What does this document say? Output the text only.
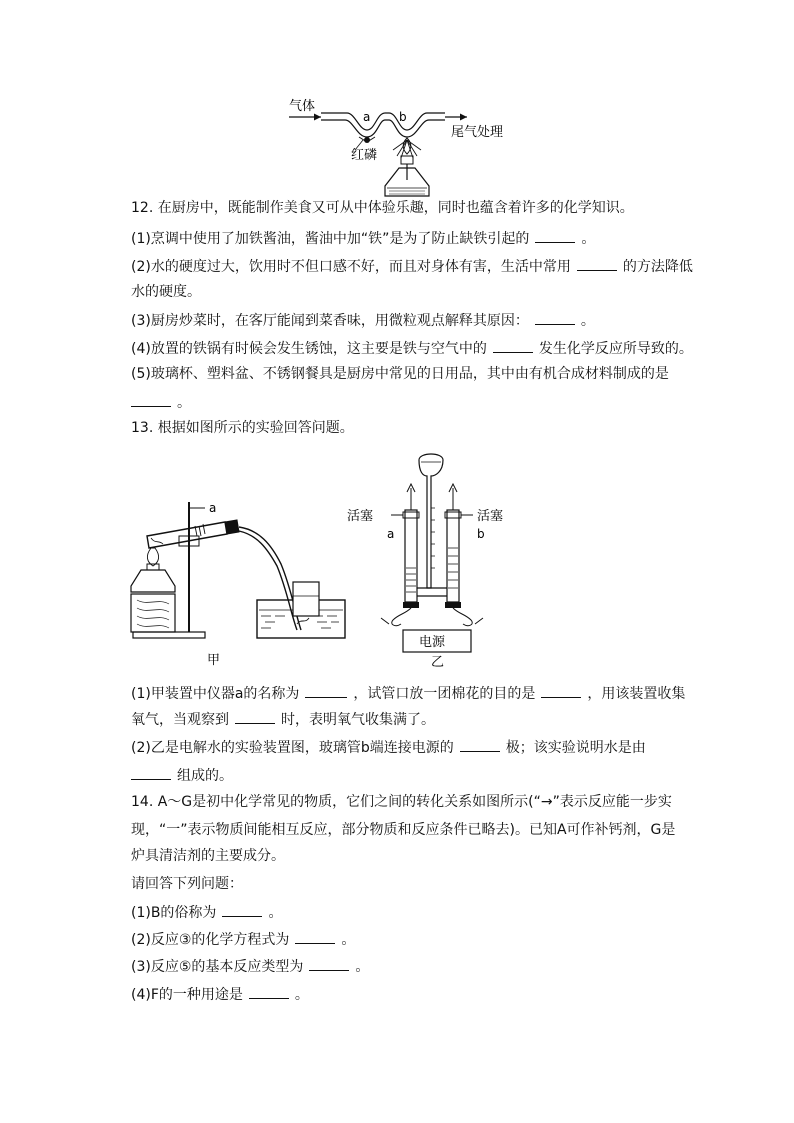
气体
a b
尾气处理
红磷
12. 在厨房中，既能制作美食又可从中体验乐趣，同时也蕴含着许多的化学知识。
(1)烹调中使用了加铁酱油，酱油中加“铁”是为了防止缺铁引起的	。
(2)水的硬度过大，饮用时不但口感不好，而且对身体有害，生活中常用	的方法降低
水的硬度。
(3)厨房炒菜时，在客厅能闻到菜香味，用微粒观点解释其原因：	。
(4)放置的铁锅有时候会发生锈蚀，这主要是铁与空气中的	发生化学反应所导致的。
(5)玻璃杯、塑料盆、不锈钢餐具是厨房中常见的日用品，其中由有机合成材料制成的是
。
13. 根据如图所示的实验回答问题。
a
甲
活塞	活塞
a	b
电源
乙
(1)甲装置中仪器a的名称为	，试管口放一团棉花的目的是	，用该装置收集
氧气，当观察到	时，表明氧气收集满了。
(2)乙是电解水的实验装置图，玻璃管b端连接电源的	极；该实验说明水是由
组成的。
14. A～G是初中化学常见的物质，它们之间的转化关系如图所示(“→”表示反应能一步实
现，“一”表示物质间能相互反应，部分物质和反应条件已略去)。已知A可作补钙剂，G是
炉具清洁剂的主要成分。
请回答下列问题：
(1)B的俗称为	。
(2)反应③的化学方程式为	。
(3)反应⑤的基本反应类型为	。
(4)F的一种用途是	。
